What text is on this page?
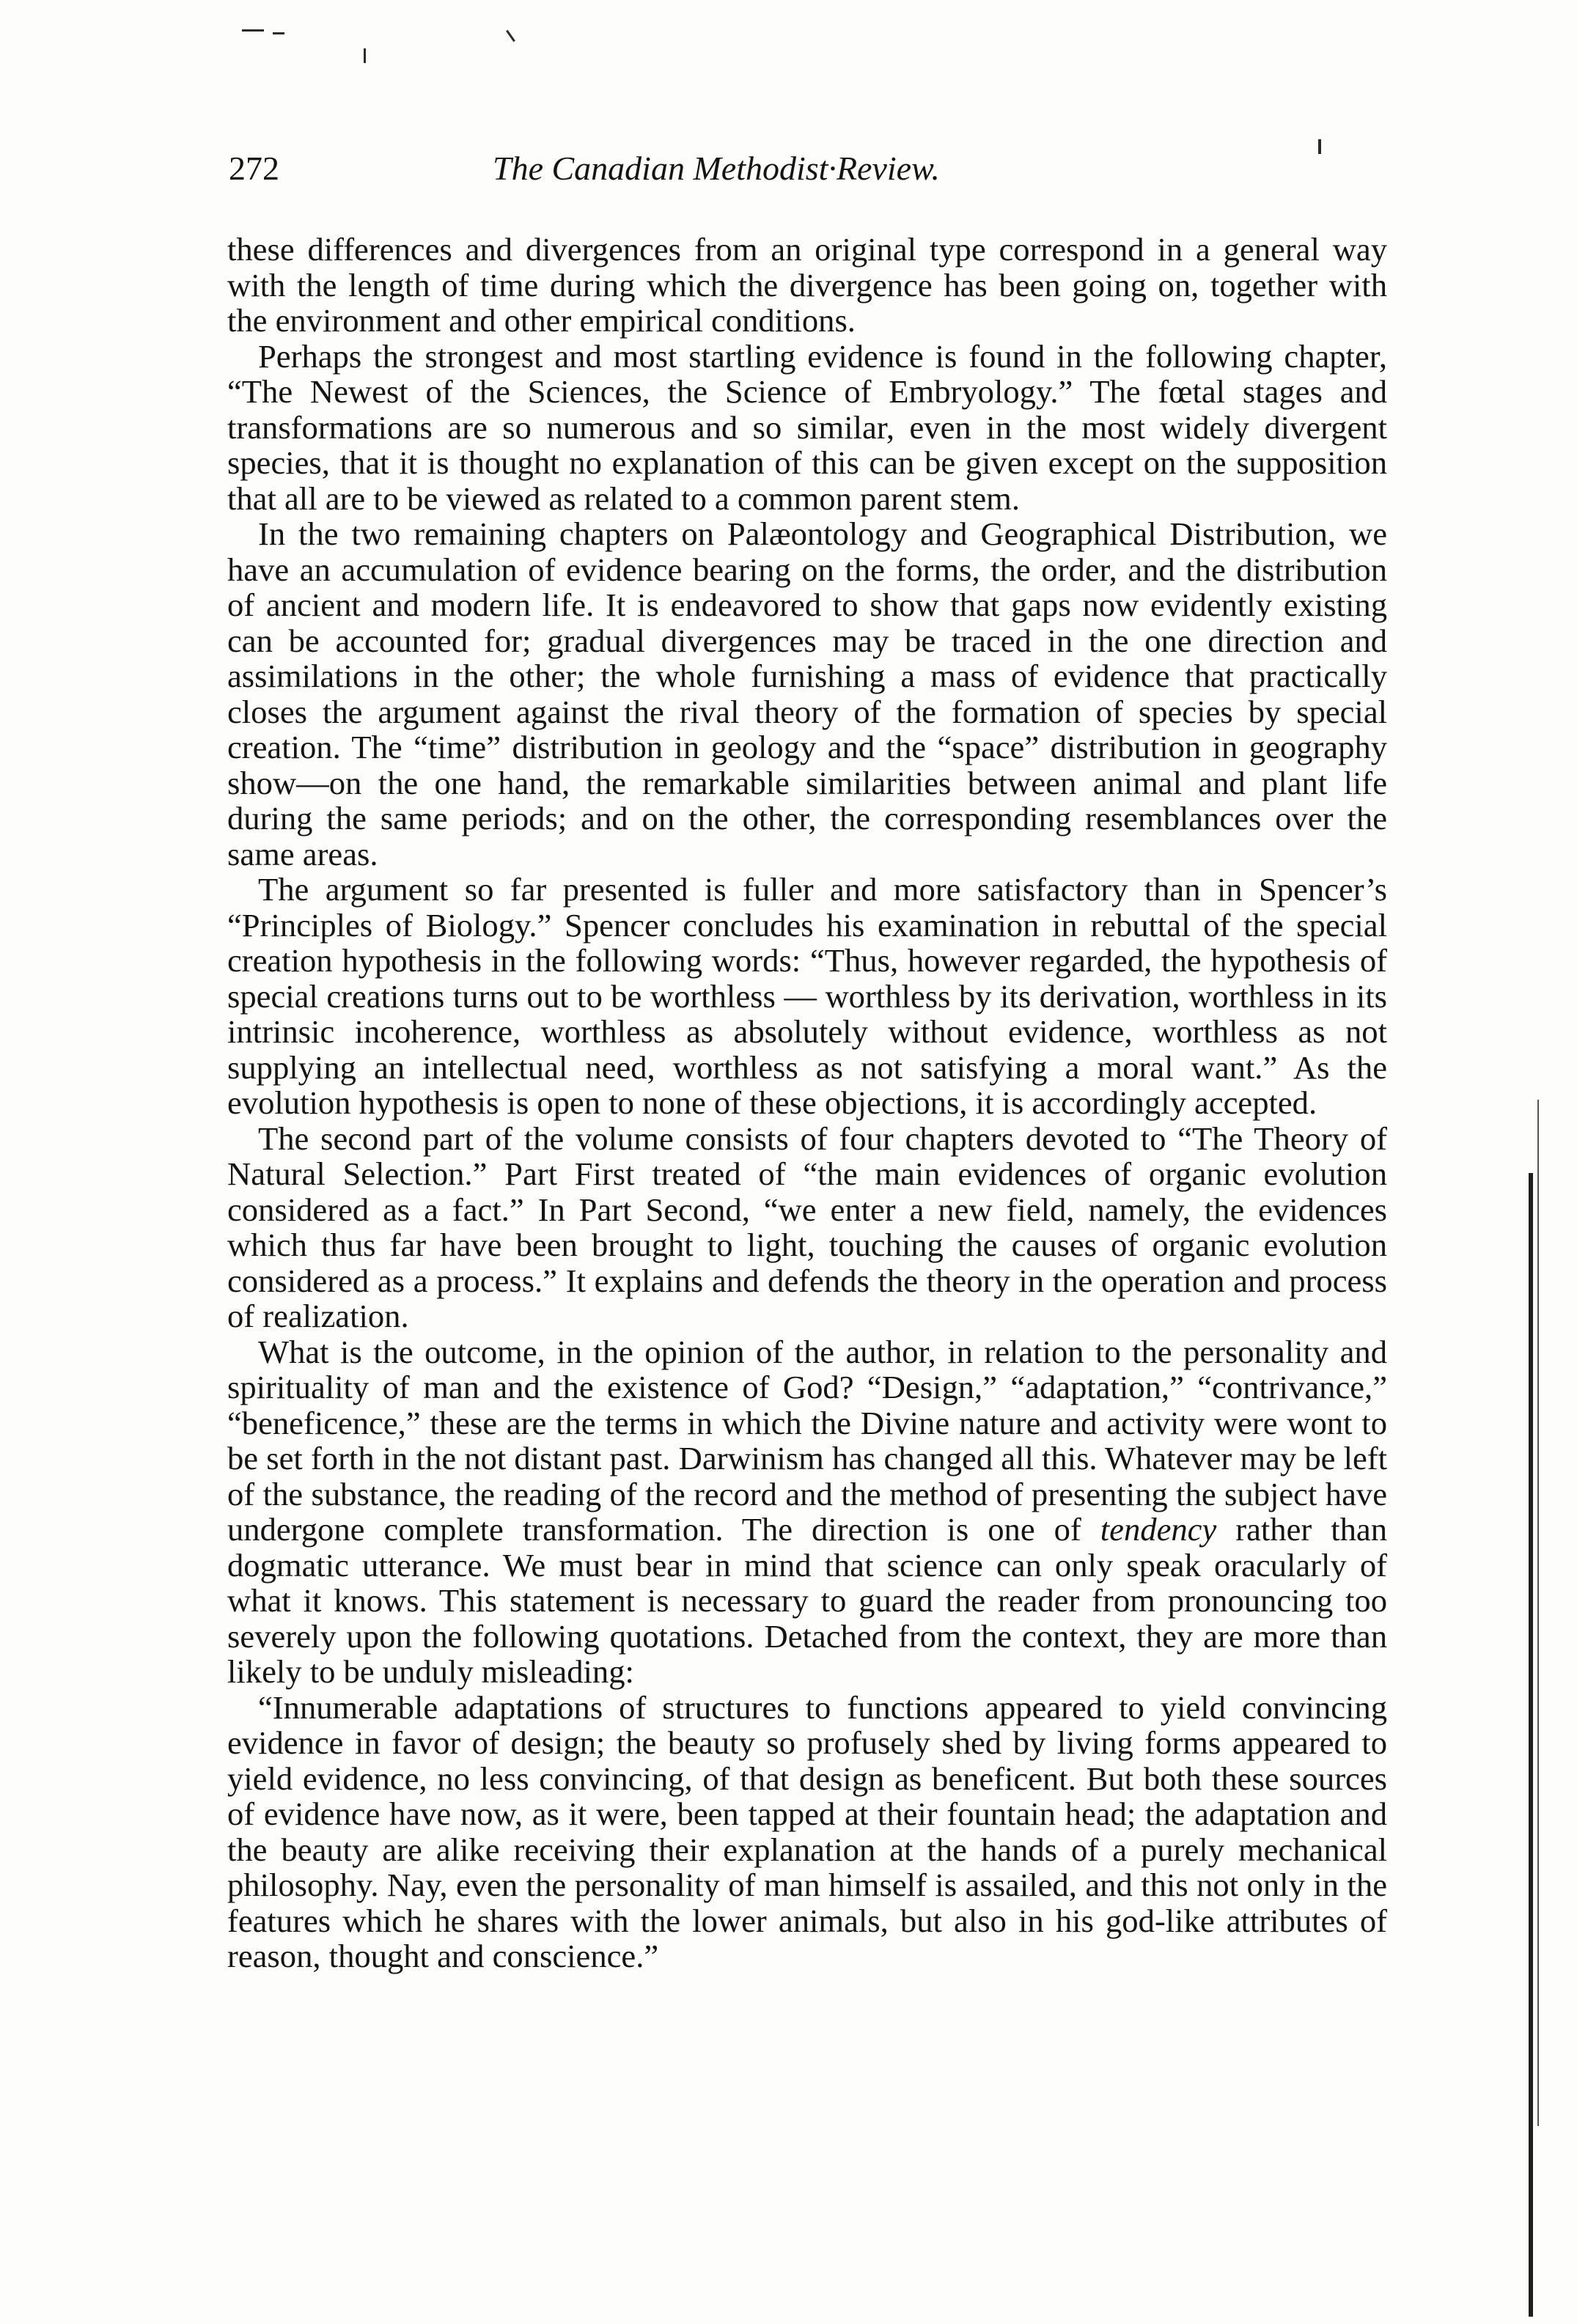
272	The Canadian Methodist·Review.

these differences and divergences from an original type correspond in a general way with the length of time during which the divergence has been going on, together with the environment and other empirical conditions.

Perhaps the strongest and most startling evidence is found in the following chapter, “The Newest of the Sciences, the Science of Embryology.” The fœtal stages and transformations are so numerous and so similar, even in the most widely divergent species, that it is thought no explanation of this can be given except on the supposition that all are to be viewed as related to a common parent stem.

In the two remaining chapters on Palæontology and Geographical Distribution, we have an accumulation of evidence bearing on the forms, the order, and the distribution of ancient and modern life. It is endeavored to show that gaps now evidently existing can be accounted for; gradual divergences may be traced in the one direction and assimilations in the other; the whole furnishing a mass of evidence that practically closes the argument against the rival theory of the formation of species by special creation. The “time” distribution in geology and the “space” distribution in geography show—on the one hand, the remarkable similarities between animal and plant life during the same periods; and on the other, the corresponding resemblances over the same areas.

The argument so far presented is fuller and more satisfactory than in Spencer’s “Principles of Biology.” Spencer concludes his examination in rebuttal of the special creation hypothesis in the following words: “Thus, however regarded, the hypothesis of special creations turns out to be worthless — worthless by its derivation, worthless in its intrinsic incoherence, worthless as absolutely without evidence, worthless as not supplying an intellectual need, worthless as not satisfying a moral want.” As the evolution hypothesis is open to none of these objections, it is accordingly accepted.

The second part of the volume consists of four chapters devoted to “The Theory of Natural Selection.” Part First treated of “the main evidences of organic evolution considered as a fact.” In Part Second, “we enter a new field, namely, the evidences which thus far have been brought to light, touching the causes of organic evolution considered as a process.” It explains and defends the theory in the operation and process of realization.

What is the outcome, in the opinion of the author, in relation to the personality and spirituality of man and the existence of God? “Design,” “adaptation,” “contrivance,” “beneficence,” these are the terms in which the Divine nature and activity were wont to be set forth in the not distant past. Darwinism has changed all this. Whatever may be left of the substance, the reading of the record and the method of presenting the subject have undergone complete transformation. The direction is one of tendency rather than dogmatic utterance. We must bear in mind that science can only speak oracularly of what it knows. This statement is necessary to guard the reader from pronouncing too severely upon the following quotations. Detached from the context, they are more than likely to be unduly misleading:

“Innumerable adaptations of structures to functions appeared to yield convincing evidence in favor of design; the beauty so profusely shed by living forms appeared to yield evidence, no less convincing, of that design as beneficent. But both these sources of evidence have now, as it were, been tapped at their fountain head; the adaptation and the beauty are alike receiving their explanation at the hands of a purely mechanical philosophy. Nay, even the personality of man himself is assailed, and this not only in the features which he shares with the lower animals, but also in his god-like attributes of reason, thought and conscience.”
